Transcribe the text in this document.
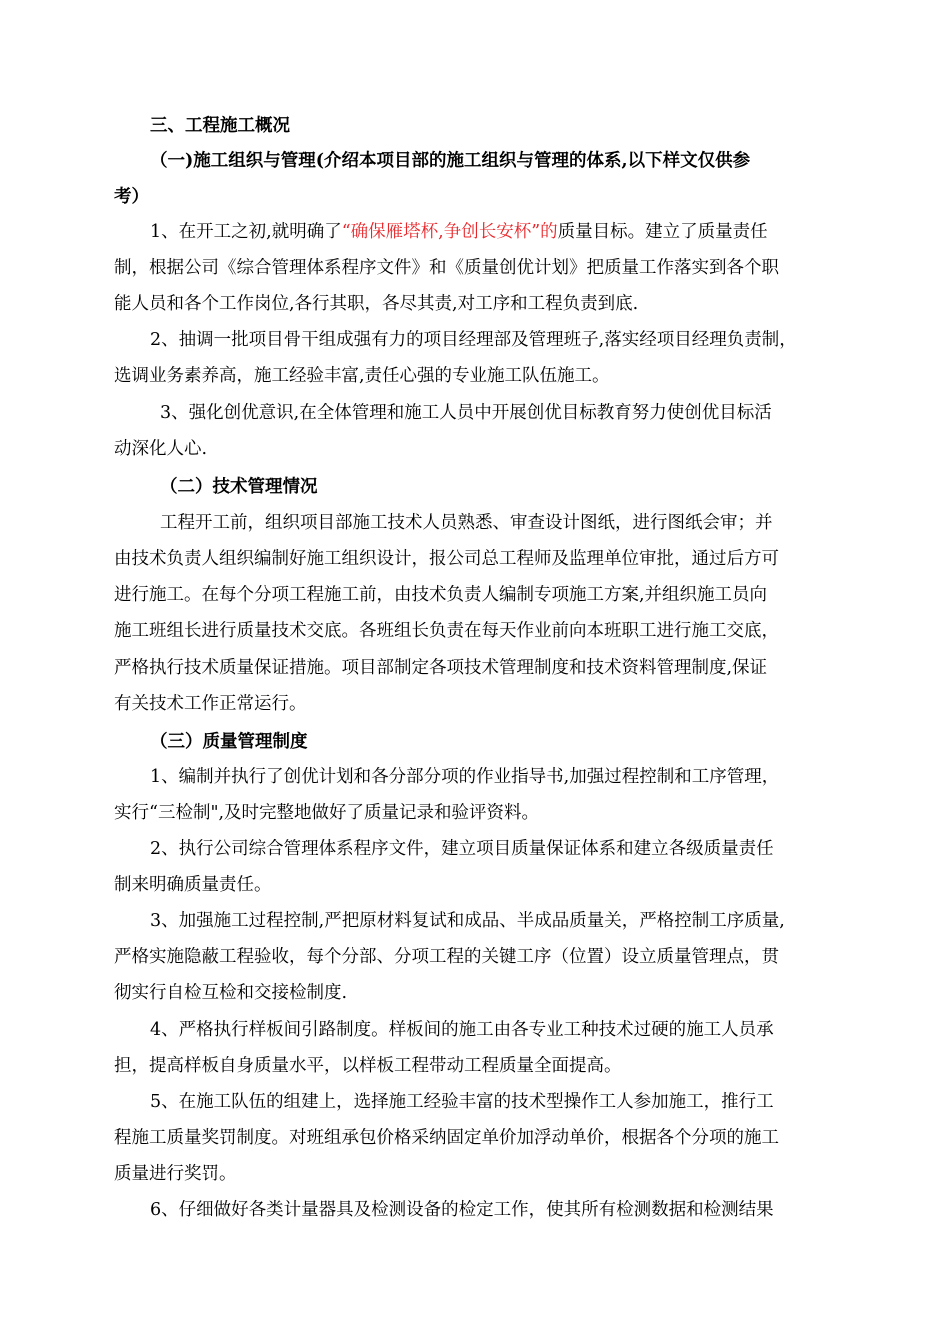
三、工程施工概况
（一)施工组织与管理(介绍本项目部的施工组织与管理的体系,以下样文仅供参
考）
1、在开工之初,就明确了“确保雁塔杯,争创长安杯”的质量目标。建立了质量责任
制，根据公司《综合管理体系程序文件》和《质量创优计划》把质量工作落实到各个职
能人员和各个工作岗位,各行其职，各尽其责,对工序和工程负责到底.
2、抽调一批项目骨干组成强有力的项目经理部及管理班子,落实经项目经理负责制，
选调业务素养高，施工经验丰富,责任心强的专业施工队伍施工。
3、强化创优意识,在全体管理和施工人员中开展创优目标教育努力使创优目标活
动深化人心.
（二）技术管理情况
工程开工前，组织项目部施工技术人员熟悉、审查设计图纸，进行图纸会审；并
由技术负责人组织编制好施工组织设计，报公司总工程师及监理单位审批，通过后方可
进行施工。在每个分项工程施工前，由技术负责人编制专项施工方案,并组织施工员向
施工班组长进行质量技术交底。各班组长负责在每天作业前向本班职工进行施工交底，
严格执行技术质量保证措施。项目部制定各项技术管理制度和技术资料管理制度,保证
有关技术工作正常运行。
（三）质量管理制度
1、编制并执行了创优计划和各分部分项的作业指导书,加强过程控制和工序管理，
实行“三检制",及时完整地做好了质量记录和验评资料。
2、执行公司综合管理体系程序文件，建立项目质量保证体系和建立各级质量责任
制来明确质量责任。
3、加强施工过程控制,严把原材料复试和成品、半成品质量关，严格控制工序质量,
严格实施隐蔽工程验收，每个分部、分项工程的关键工序（位置）设立质量管理点，贯
彻实行自检互检和交接检制度.
4、严格执行样板间引路制度。样板间的施工由各专业工种技术过硬的施工人员承
担，提高样板自身质量水平，以样板工程带动工程质量全面提高。
5、在施工队伍的组建上，选择施工经验丰富的技术型操作工人参加施工，推行工
程施工质量奖罚制度。对班组承包价格采纳固定单价加浮动单价，根据各个分项的施工
质量进行奖罚。
6、仔细做好各类计量器具及检测设备的检定工作，使其所有检测数据和检测结果
